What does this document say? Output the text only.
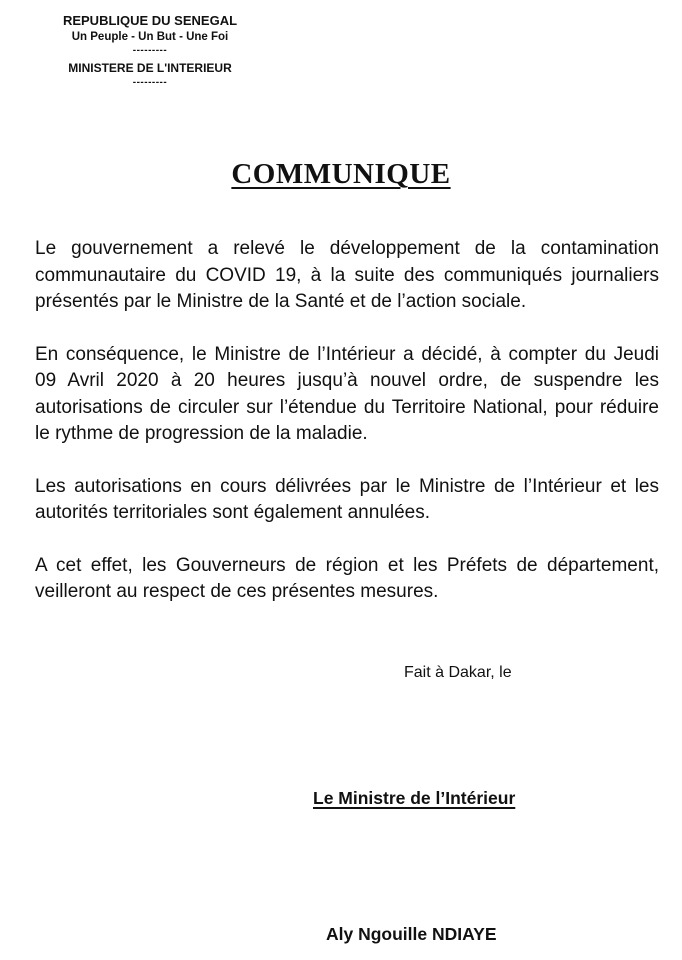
REPUBLIQUE DU SENEGAL
Un Peuple - Un But - Une Foi
---------
MINISTERE DE L'INTERIEUR
---------
COMMUNIQUE

Le gouvernement a relevé le développement de la contamination communautaire du COVID 19, à la suite des communiqués journaliers présentés par le Ministre de la Santé et de l’action sociale.

En conséquence, le Ministre de l’Intérieur a décidé, à compter du Jeudi 09 Avril 2020 à 20 heures jusqu’à nouvel ordre, de suspendre les autorisations de circuler sur l’étendue du Territoire National, pour réduire le rythme de progression de la maladie.

Les autorisations en cours délivrées par le Ministre de l’Intérieur et les autorités territoriales sont également annulées.

A cet effet, les Gouverneurs de région et les Préfets de département, veilleront au respect de ces présentes mesures.

Fait à Dakar, le
Le Ministre de l’Intérieur
Aly Ngouille NDIAYE
